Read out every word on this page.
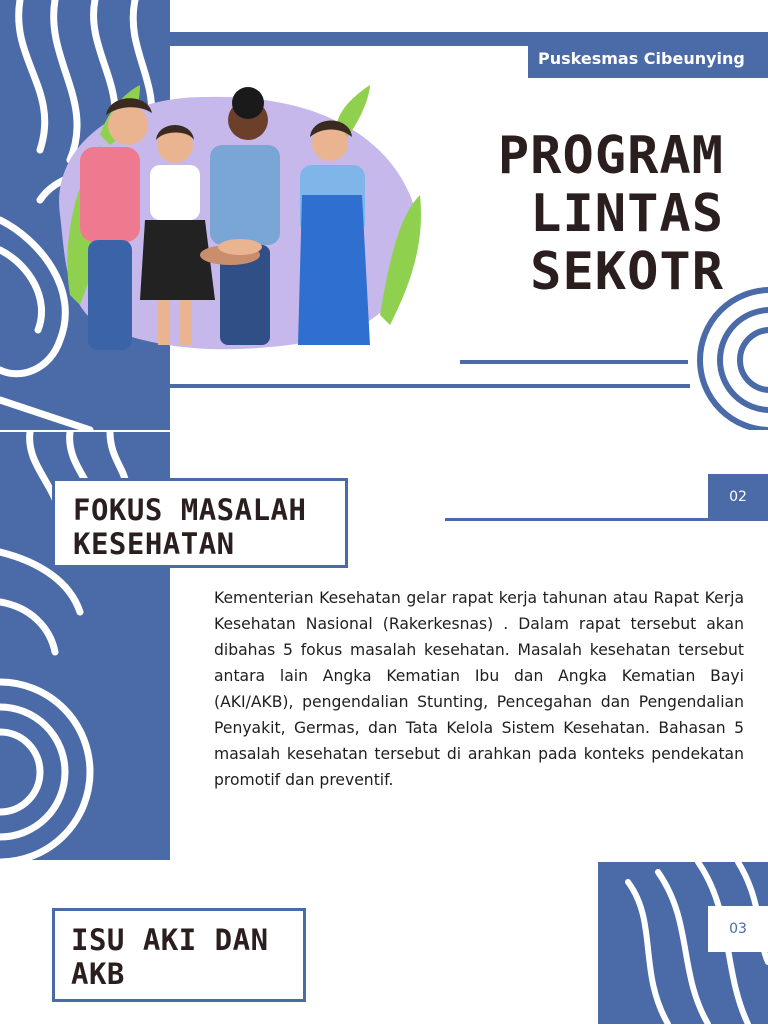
Puskesmas Cibeunying
PROGRAM
LINTAS
SEKOTR
FOKUS MASALAH
KESEHATAN
02
Kementerian Kesehatan gelar rapat kerja tahunan atau Rapat Kerja Kesehatan Nasional (Rakerkesnas) . Dalam rapat tersebut akan dibahas 5 fokus masalah kesehatan. Masalah kesehatan tersebut antara lain Angka Kematian Ibu dan Angka Kematian Bayi (AKI/AKB), pengendalian Stunting, Pencegahan dan Pengendalian Penyakit, Germas, dan Tata Kelola Sistem Kesehatan. Bahasan 5 masalah kesehatan tersebut di arahkan pada konteks pendekatan promotif dan preventif.
ISU AKI DAN
AKB
03
